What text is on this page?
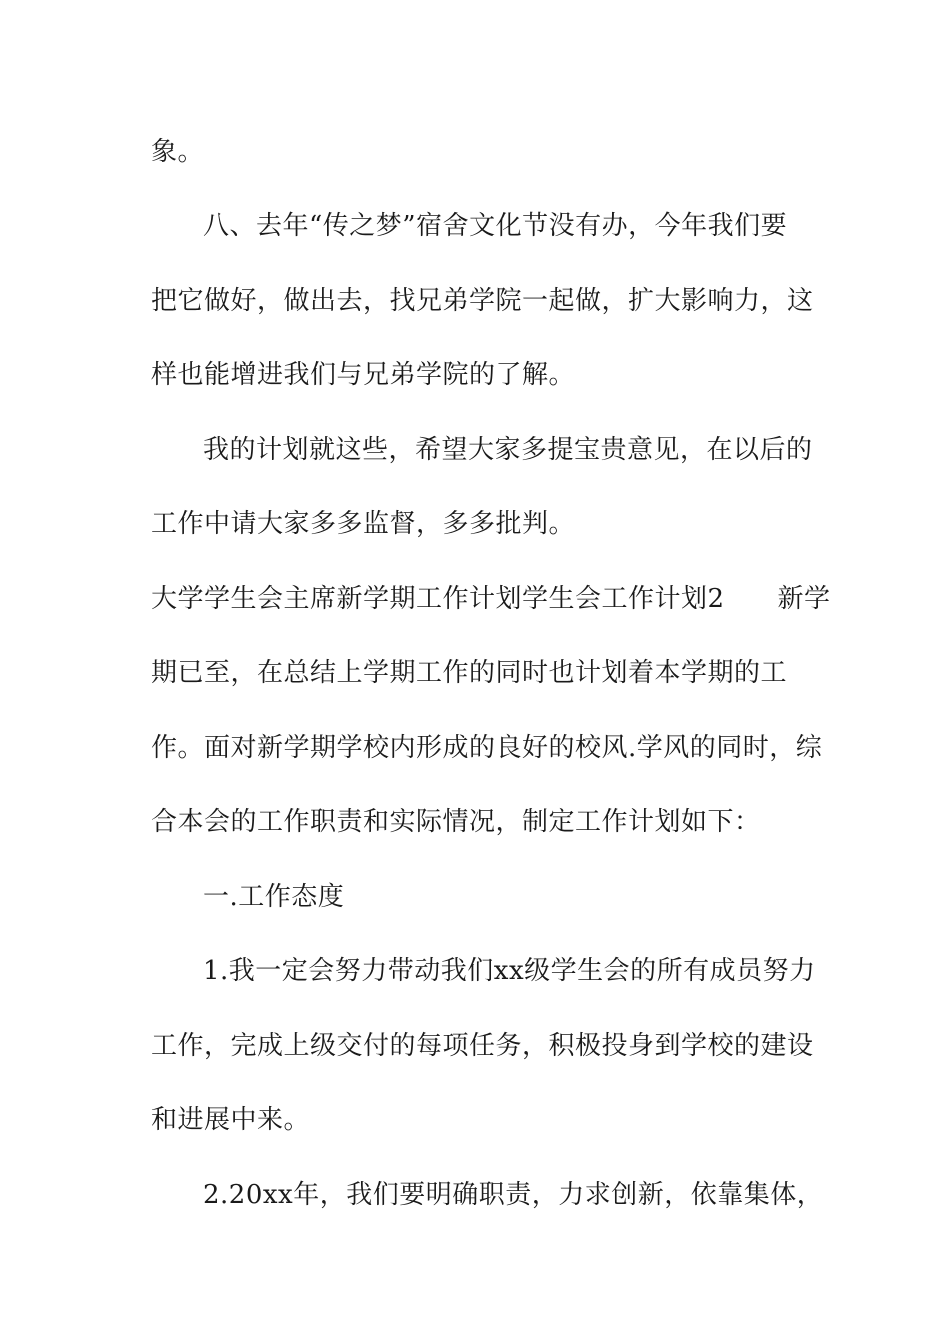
象。
八、去年“传之梦”宿舍文化节没有办，今年我们要
把它做好，做出去，找兄弟学院一起做，扩大影响力，这
样也能增进我们与兄弟学院的了解。
我的计划就这些，希望大家多提宝贵意见，在以后的
工作中请大家多多监督，多多批判。
大学学生会主席新学期工作计划学生会工作计划2　　新学
期已至，在总结上学期工作的同时也计划着本学期的工
作。面对新学期学校内形成的良好的校风.学风的同时，综
合本会的工作职责和实际情况，制定工作计划如下：
一.工作态度
1.我一定会努力带动我们xx级学生会的所有成员努力
工作，完成上级交付的每项任务，积极投身到学校的建设
和进展中来。
2.20xx年，我们要明确职责，力求创新，依靠集体，
